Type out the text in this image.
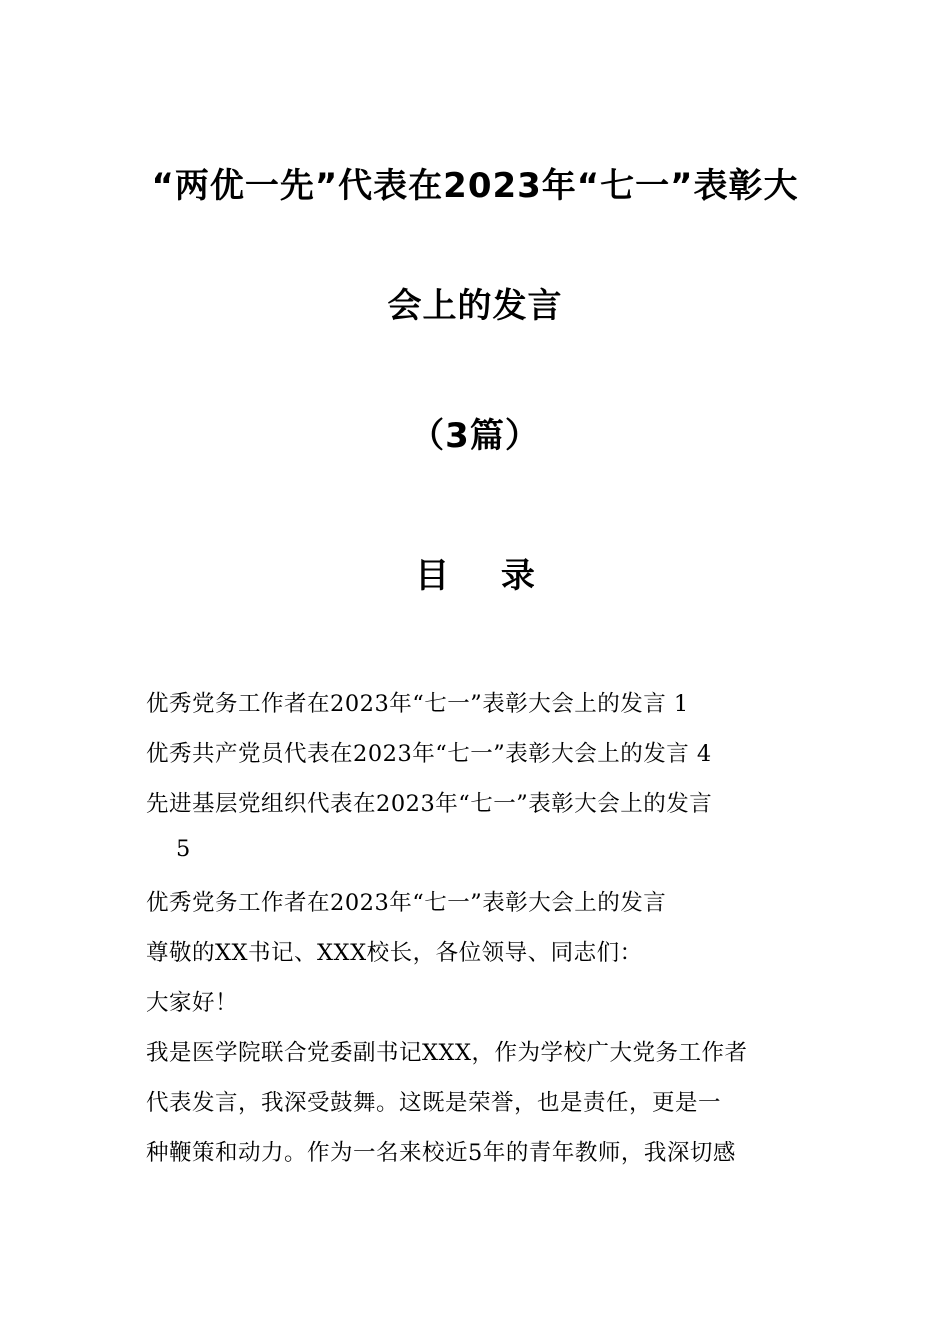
“两优一先”代表在2023年“七一”表彰大
会上的发言
（3篇）
目 录
优秀党务工作者在2023年“七一”表彰大会上的发言 1
优秀共产党员代表在2023年“七一”表彰大会上的发言 4
先进基层党组织代表在2023年“七一”表彰大会上的发言
5
优秀党务工作者在2023年“七一”表彰大会上的发言
尊敬的XX书记、XXX校长，各位领导、同志们：
大家好！
我是医学院联合党委副书记XXX，作为学校广大党务工作者
代表发言，我深受鼓舞。这既是荣誉，也是责任，更是一
种鞭策和动力。作为一名来校近5年的青年教师，我深切感
